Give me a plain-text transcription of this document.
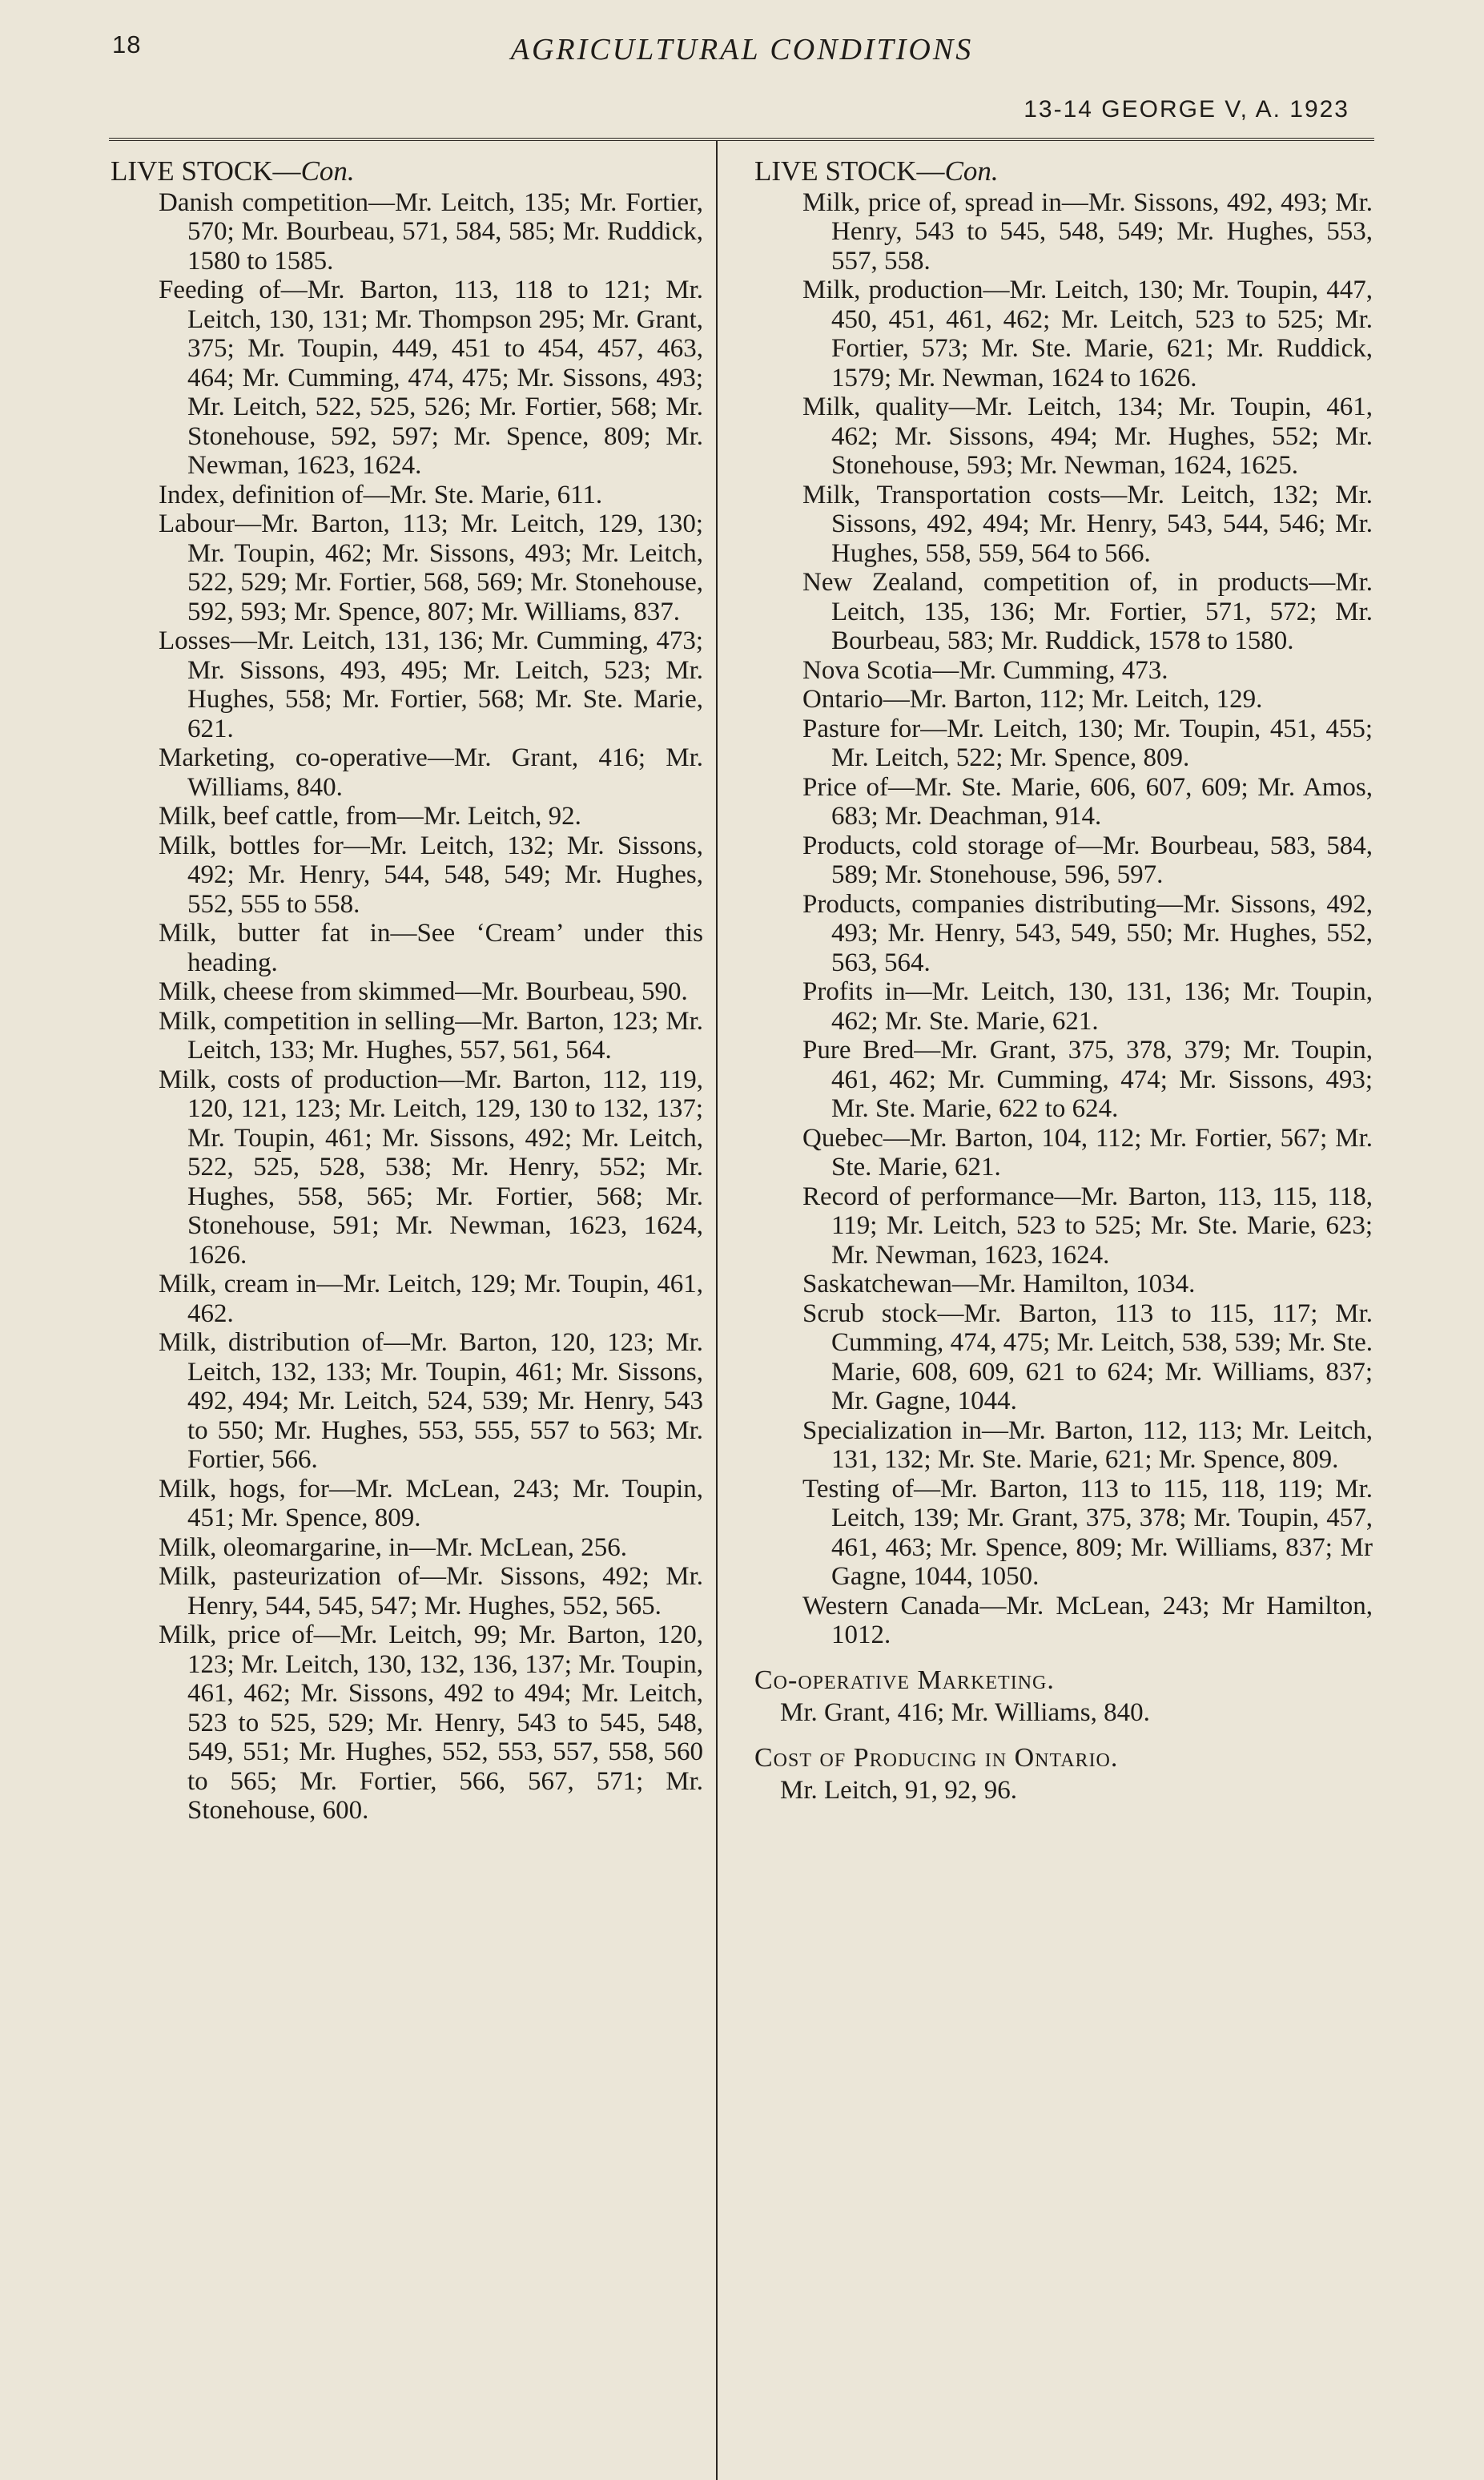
18	AGRICULTURAL CONDITIONS
13-14 GEORGE V, A. 1923

LIVE STOCK—Con.

Danish competition—Mr. Leitch, 135; Mr. Fortier, 570; Mr. Bourbeau, 571, 584, 585; Mr. Ruddick, 1580 to 1585.

Feeding of—Mr. Barton, 113, 118 to 121; Mr. Leitch, 130, 131; Mr. Thompson 295; Mr. Grant, 375; Mr. Toupin, 449, 451 to 454, 457, 463, 464; Mr. Cumming, 474, 475; Mr. Sissons, 493; Mr. Leitch, 522, 525, 526; Mr. Fortier, 568; Mr. Stonehouse, 592, 597; Mr. Spence, 809; Mr. Newman, 1623, 1624.

Index, definition of—Mr. Ste. Marie, 611.

Labour—Mr. Barton, 113; Mr. Leitch, 129, 130; Mr. Toupin, 462; Mr. Sissons, 493; Mr. Leitch, 522, 529; Mr. Fortier, 568, 569; Mr. Stonehouse, 592, 593; Mr. Spence, 807; Mr. Williams, 837.

Losses—Mr. Leitch, 131, 136; Mr. Cumming, 473; Mr. Sissons, 493, 495; Mr. Leitch, 523; Mr. Hughes, 558; Mr. Fortier, 568; Mr. Ste. Marie, 621.

Marketing, co-operative—Mr. Grant, 416; Mr. Williams, 840.

Milk, beef cattle, from—Mr. Leitch, 92.

Milk, bottles for—Mr. Leitch, 132; Mr. Sissons, 492; Mr. Henry, 544, 548, 549; Mr. Hughes, 552, 555 to 558.

Milk, butter fat in—See ‘Cream’ under this heading.

Milk, cheese from skimmed—Mr. Bourbeau, 590.

Milk, competition in selling—Mr. Barton, 123; Mr. Leitch, 133; Mr. Hughes, 557, 561, 564.

Milk, costs of production—Mr. Barton, 112, 119, 120, 121, 123; Mr. Leitch, 129, 130 to 132, 137; Mr. Toupin, 461; Mr. Sissons, 492; Mr. Leitch, 522, 525, 528, 538; Mr. Henry, 552; Mr. Hughes, 558, 565; Mr. Fortier, 568; Mr. Stonehouse, 591; Mr. Newman, 1623, 1624, 1626.

Milk, cream in—Mr. Leitch, 129; Mr. Toupin, 461, 462.

Milk, distribution of—Mr. Barton, 120, 123; Mr. Leitch, 132, 133; Mr. Toupin, 461; Mr. Sissons, 492, 494; Mr. Leitch, 524, 539; Mr. Henry, 543 to 550; Mr. Hughes, 553, 555, 557 to 563; Mr. Fortier, 566.

Milk, hogs, for—Mr. McLean, 243; Mr. Toupin, 451; Mr. Spence, 809.

Milk, oleomargarine, in—Mr. McLean, 256.

Milk, pasteurization of—Mr. Sissons, 492; Mr. Henry, 544, 545, 547; Mr. Hughes, 552, 565.

Milk, price of—Mr. Leitch, 99; Mr. Barton, 120, 123; Mr. Leitch, 130, 132, 136, 137; Mr. Toupin, 461, 462; Mr. Sissons, 492 to 494; Mr. Leitch, 523 to 525, 529; Mr. Henry, 543 to 545, 548, 549, 551; Mr. Hughes, 552, 553, 557, 558, 560 to 565; Mr. Fortier, 566, 567, 571; Mr. Stonehouse, 600.

LIVE STOCK—Con.

Milk, price of, spread in—Mr. Sissons, 492, 493; Mr. Henry, 543 to 545, 548, 549; Mr. Hughes, 553, 557, 558.

Milk, production—Mr. Leitch, 130; Mr. Toupin, 447, 450, 451, 461, 462; Mr. Leitch, 523 to 525; Mr. Fortier, 573; Mr. Ste. Marie, 621; Mr. Ruddick, 1579; Mr. Newman, 1624 to 1626.

Milk, quality—Mr. Leitch, 134; Mr. Toupin, 461, 462; Mr. Sissons, 494; Mr. Hughes, 552; Mr. Stonehouse, 593; Mr. Newman, 1624, 1625.

Milk, Transportation costs—Mr. Leitch, 132; Mr. Sissons, 492, 494; Mr. Henry, 543, 544, 546; Mr. Hughes, 558, 559, 564 to 566.

New Zealand, competition of, in products—Mr. Leitch, 135, 136; Mr. Fortier, 571, 572; Mr. Bourbeau, 583; Mr. Ruddick, 1578 to 1580.

Nova Scotia—Mr. Cumming, 473.

Ontario—Mr. Barton, 112; Mr. Leitch, 129.

Pasture for—Mr. Leitch, 130; Mr. Toupin, 451, 455; Mr. Leitch, 522; Mr. Spence, 809.

Price of—Mr. Ste. Marie, 606, 607, 609; Mr. Amos, 683; Mr. Deachman, 914.

Products, cold storage of—Mr. Bourbeau, 583, 584, 589; Mr. Stonehouse, 596, 597.

Products, companies distributing—Mr. Sissons, 492, 493; Mr. Henry, 543, 549, 550; Mr. Hughes, 552, 563, 564.

Profits in—Mr. Leitch, 130, 131, 136; Mr. Toupin, 462; Mr. Ste. Marie, 621.

Pure Bred—Mr. Grant, 375, 378, 379; Mr. Toupin, 461, 462; Mr. Cumming, 474; Mr. Sissons, 493; Mr. Ste. Marie, 622 to 624.

Quebec—Mr. Barton, 104, 112; Mr. Fortier, 567; Mr. Ste. Marie, 621.

Record of performance—Mr. Barton, 113, 115, 118, 119; Mr. Leitch, 523 to 525; Mr. Ste. Marie, 623; Mr. Newman, 1623, 1624.

Saskatchewan—Mr. Hamilton, 1034.

Scrub stock—Mr. Barton, 113 to 115, 117; Mr. Cumming, 474, 475; Mr. Leitch, 538, 539; Mr. Ste. Marie, 608, 609, 621 to 624; Mr. Williams, 837; Mr. Gagne, 1044.

Specialization in—Mr. Barton, 112, 113; Mr. Leitch, 131, 132; Mr. Ste. Marie, 621; Mr. Spence, 809.

Testing of—Mr. Barton, 113 to 115, 118, 119; Mr. Leitch, 139; Mr. Grant, 375, 378; Mr. Toupin, 457, 461, 463; Mr. Spence, 809; Mr. Williams, 837; Mr Gagne, 1044, 1050.

Western Canada—Mr. McLean, 243; Mr Hamilton, 1012.

Co-operative Marketing.

Mr. Grant, 416; Mr. Williams, 840.

Cost of Producing in Ontario.

Mr. Leitch, 91, 92, 96.
